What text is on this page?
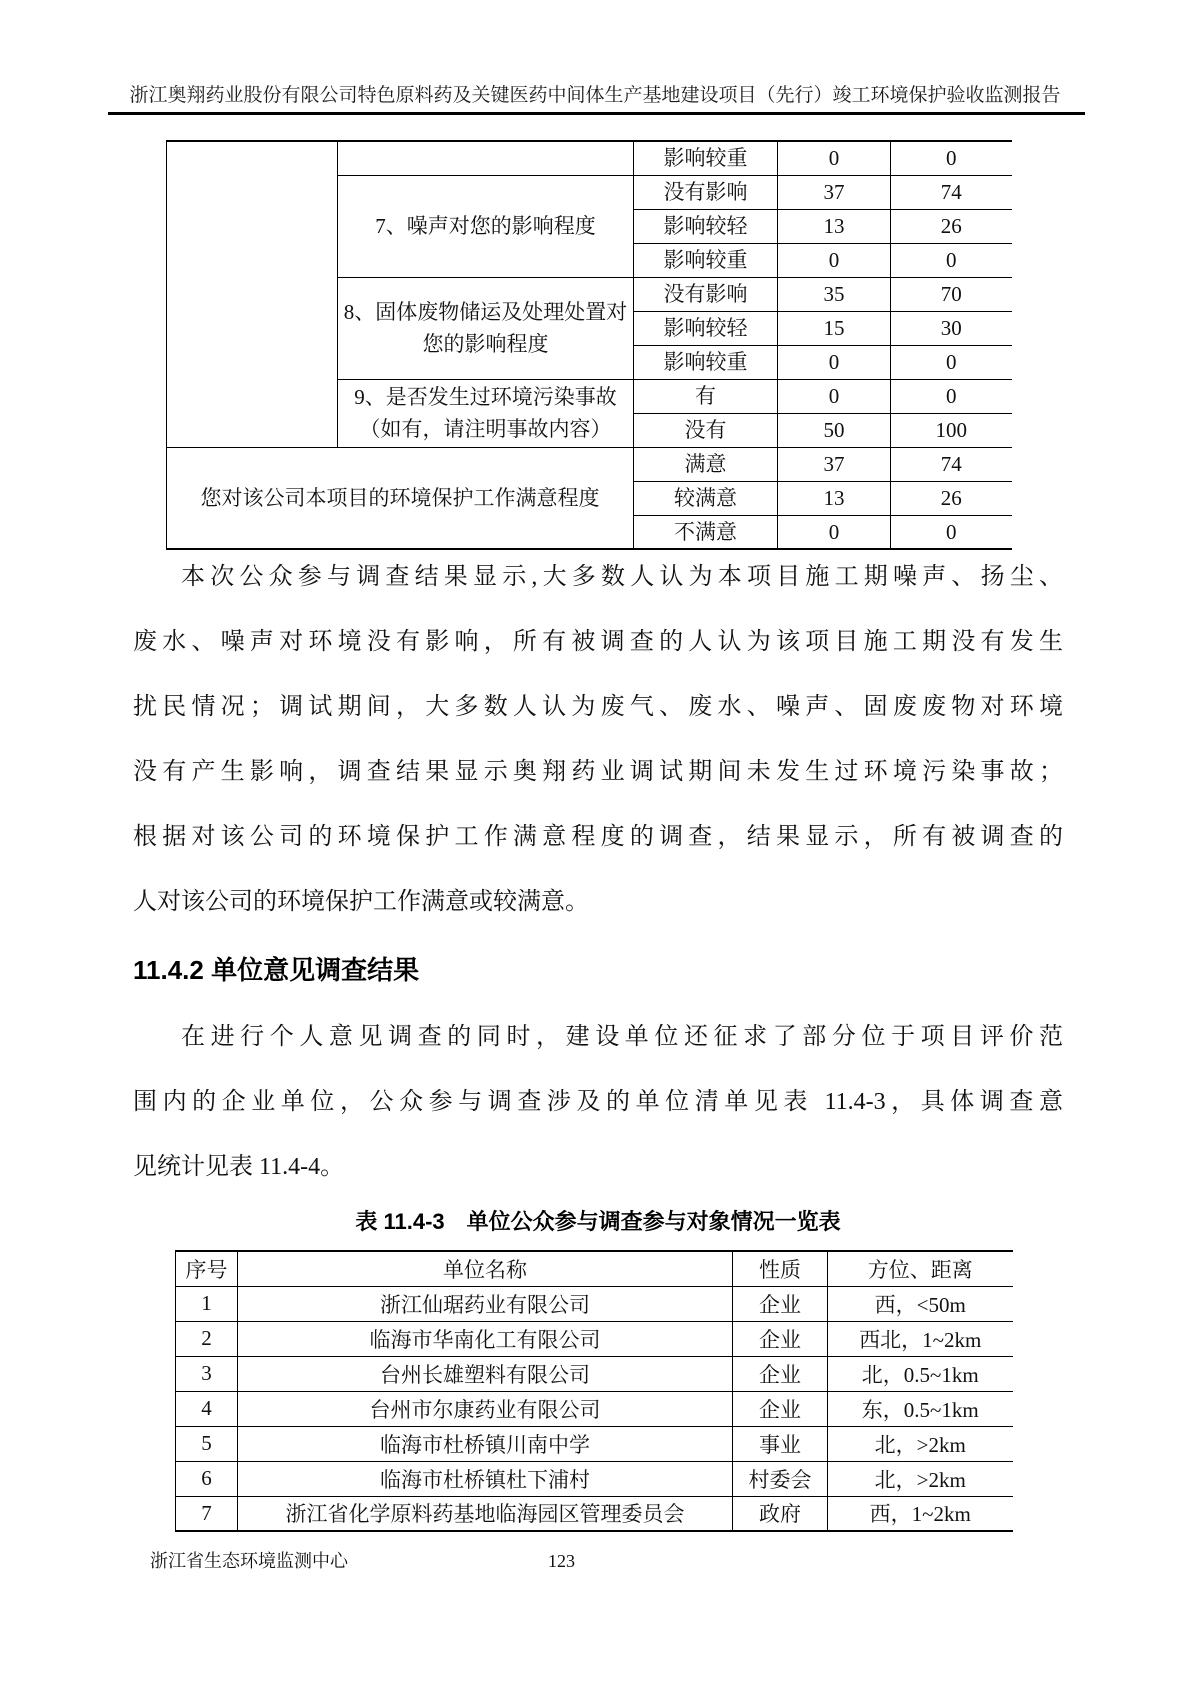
浙江奥翔药业股份有限公司特色原料药及关键医药中间体生产基地建设项目（先行）竣工环境保护验收监测报告
		影响较重	0	0
	7、噪声对您的影响程度	没有影响	37	74
		影响较轻	13	26
		影响较重	0	0
	8、固体废物储运及处理处置对
您的影响程度	没有影响	35	70
		影响较轻	15	30
		影响较重	0	0
	9、是否发生过环境污染事故
（如有，请注明事故内容）	有	0	0
		没有	50	100
您对该公司本项目的环境保护工作满意程度		满意	37	74
		较满意	13	26
		不满意	0	0
本次公众参与调查结果显示,大多数人认为本项目施工期噪声、扬尘、
废水、噪声对环境没有影响，所有被调查的人认为该项目施工期没有发生
扰民情况；调试期间，大多数人认为废气、废水、噪声、固废废物对环境
没有产生影响，调查结果显示奥翔药业调试期间未发生过环境污染事故；
根据对该公司的环境保护工作满意程度的调查，结果显示，所有被调查的
人对该公司的环境保护工作满意或较满意。
11.4.2 单位意见调查结果
在进行个人意见调查的同时，建设单位还征求了部分位于项目评价范
围内的企业单位，公众参与调查涉及的单位清单见表 11.4-3，具体调查意
见统计见表 11.4-4。
表 11.4-3　单位公众参与调查参与对象情况一览表
序号	单位名称	性质	方位、距离
1	浙江仙琚药业有限公司	企业	西，<50m
2	临海市华南化工有限公司	企业	西北，1~2km
3	台州长雄塑料有限公司	企业	北，0.5~1km
4	台州市尔康药业有限公司	企业	东，0.5~1km
5	临海市杜桥镇川南中学	事业	北，>2km
6	临海市杜桥镇杜下浦村	村委会	北，>2km
7	浙江省化学原料药基地临海园区管理委员会	政府	西，1~2km
浙江省生态环境监测中心	123
